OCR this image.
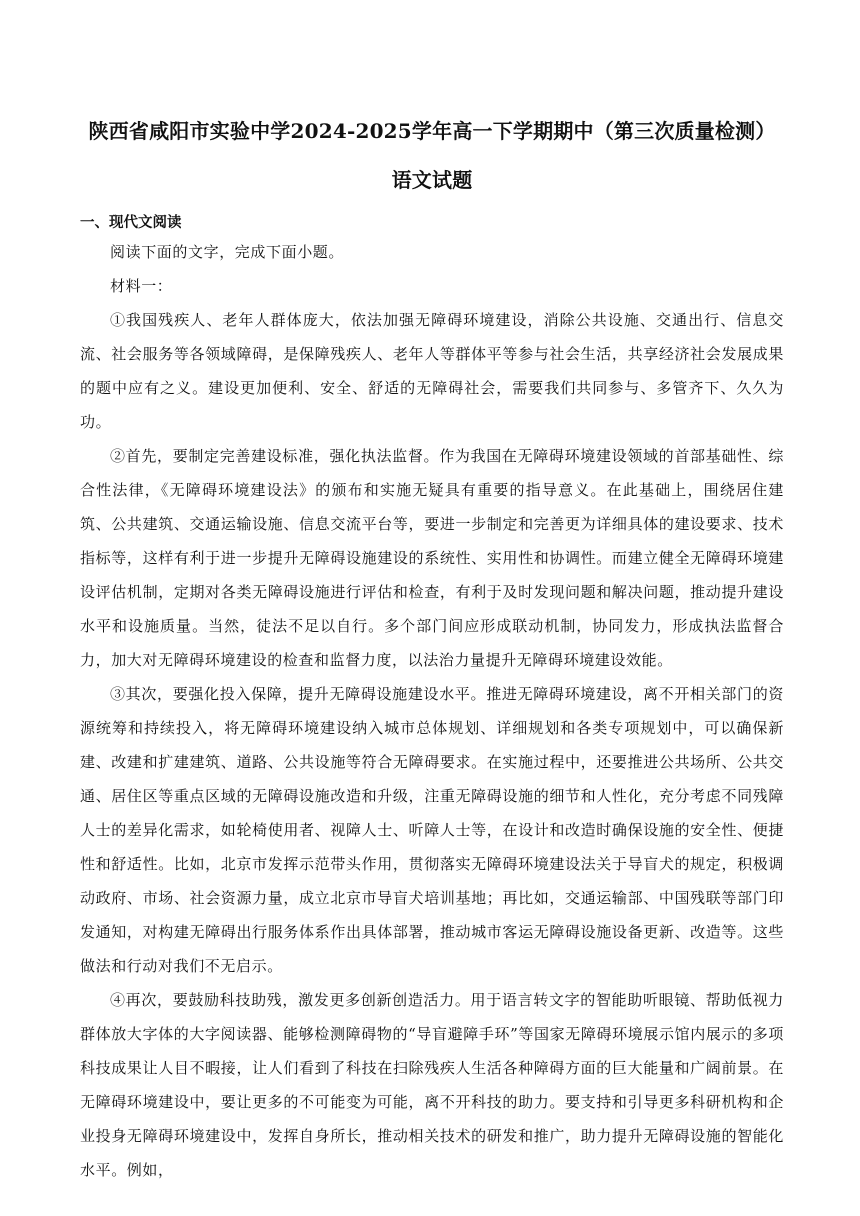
陕西省咸阳市实验中学2024-2025学年高一下学期期中（第三次质量检测）
语文试题
一、现代文阅读

阅读下面的文字，完成下面小题。

材料一：

①我国残疾人、老年人群体庞大，依法加强无障碍环境建设，消除公共设施、交通出行、信息交流、社会服务等各领域障碍，是保障残疾人、老年人等群体平等参与社会生活，共享经济社会发展成果的题中应有之义。建设更加便利、安全、舒适的无障碍社会，需要我们共同参与、多管齐下、久久为功。

②首先，要制定完善建设标准，强化执法监督。作为我国在无障碍环境建设领域的首部基础性、综合性法律，《无障碍环境建设法》的颁布和实施无疑具有重要的指导意义。在此基础上，围绕居住建筑、公共建筑、交通运输设施、信息交流平台等，要进一步制定和完善更为详细具体的建设要求、技术指标等，这样有利于进一步提升无障碍设施建设的系统性、实用性和协调性。而建立健全无障碍环境建设评估机制，定期对各类无障碍设施进行评估和检查，有利于及时发现问题和解决问题，推动提升建设水平和设施质量。当然，徒法不足以自行。多个部门间应形成联动机制，协同发力，形成执法监督合力，加大对无障碍环境建设的检查和监督力度，以法治力量提升无障碍环境建设效能。

③其次，要强化投入保障，提升无障碍设施建设水平。推进无障碍环境建设，离不开相关部门的资源统筹和持续投入，将无障碍环境建设纳入城市总体规划、详细规划和各类专项规划中，可以确保新建、改建和扩建建筑、道路、公共设施等符合无障碍要求。在实施过程中，还要推进公共场所、公共交通、居住区等重点区域的无障碍设施改造和升级，注重无障碍设施的细节和人性化，充分考虑不同残障人士的差异化需求，如轮椅使用者、视障人士、听障人士等，在设计和改造时确保设施的安全性、便捷性和舒适性。比如，北京市发挥示范带头作用，贯彻落实无障碍环境建设法关于导盲犬的规定，积极调动政府、市场、社会资源力量，成立北京市导盲犬培训基地；再比如，交通运输部、中国残联等部门印发通知，对构建无障碍出行服务体系作出具体部署，推动城市客运无障碍设施设备更新、改造等。这些做法和行动对我们不无启示。

④再次，要鼓励科技助残，激发更多创新创造活力。用于语言转文字的智能助听眼镜、帮助低视力群体放大字体的大字阅读器、能够检测障碍物的“导盲避障手环”等国家无障碍环境展示馆内展示的多项科技成果让人目不暇接，让人们看到了科技在扫除残疾人生活各种障碍方面的巨大能量和广阔前景。在无障碍环境建设中，要让更多的不可能变为可能，离不开科技的助力。要支持和引导更多科研机构和企业投身无障碍环境建设中，发挥自身所长，推动相关技术的研发和推广，助力提升无障碍设施的智能化水平。例如，
